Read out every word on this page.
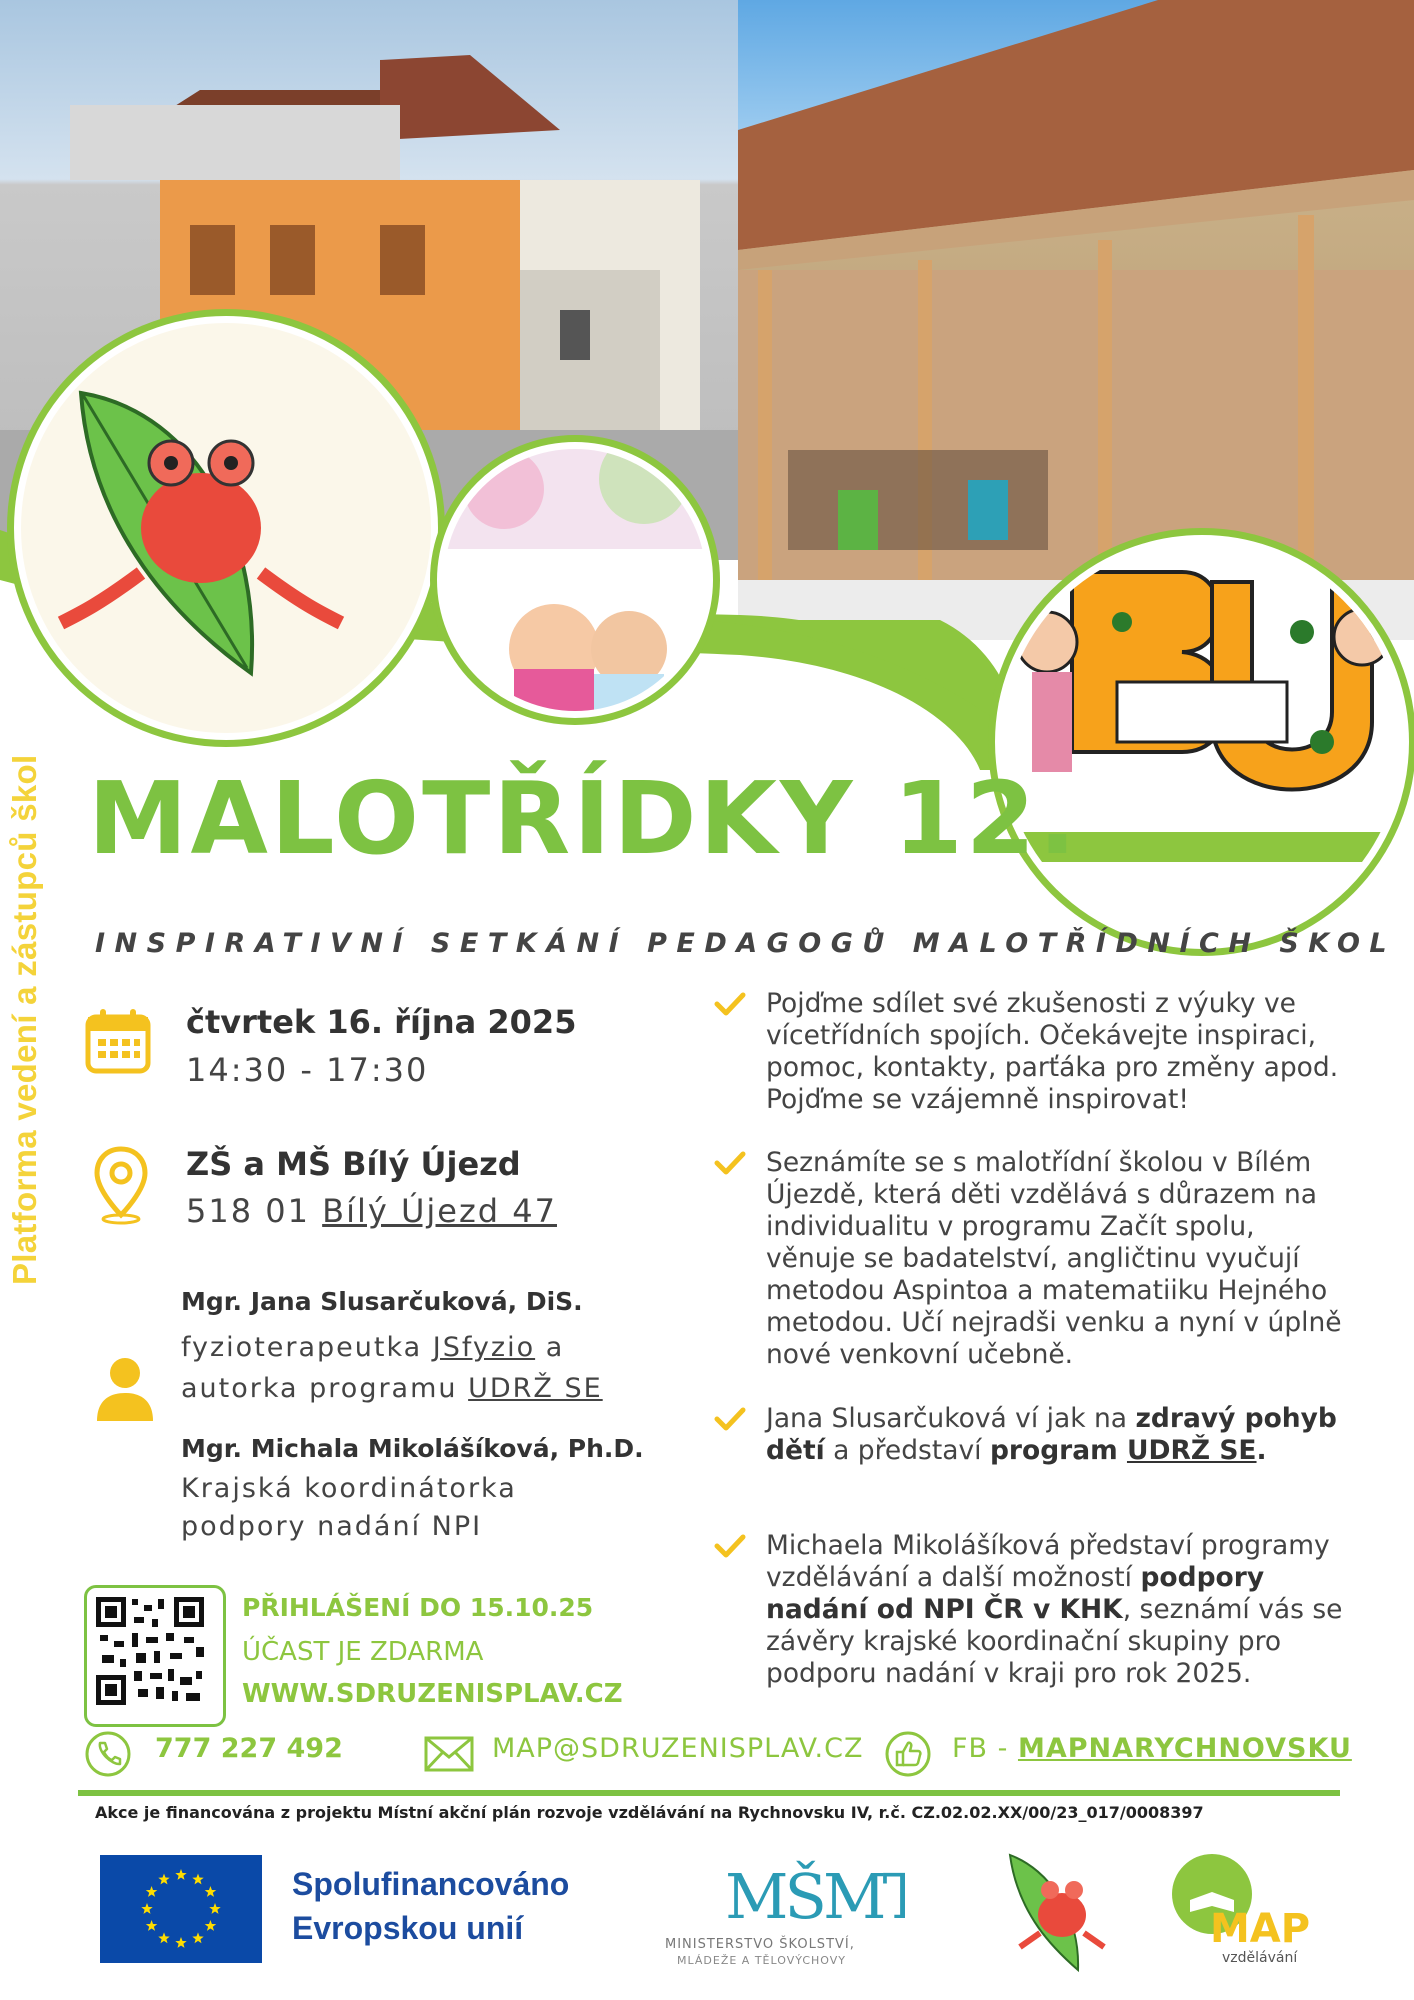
Platforma vedení a zástupců škol MALOTŘÍDKY 12.
INSPIRATIVNÍ SETKÁNÍ PEDAGOGŮ MALOTŘÍDNÍCH ŠKOL
čtvrtek 16. října 2025
14:30 - 17:30
ZŠ a MŠ Bílý Újezd
518 01 Bílý Újezd 47
Mgr. Jana Slusarčuková, DiS.
fyzioterapeutka JSfyzio a
autorka programu UDRŽ SE
Mgr. Michala Mikolášíková, Ph.D.
Krajská koordinátorka
podpory nadání NPI
PŘIHLÁŠENÍ DO 15.10.25
ÚČAST JE ZDARMA
WWW.SDRUZENISPLAV.CZ
Pojďme sdílet své zkušenosti z výuky ve vícetřídních spojích. Očekávejte inspiraci, pomoc, kontakty, parťáka pro změny apod. Pojďme se vzájemně inspirovat!
Seznámíte se s malotřídní školou v Bílém Újezdě, která děti vzdělává s důrazem na individualitu v programu Začít spolu, věnuje se badatelství, angličtinu vyučují metodou Aspintoa a matematiiku Hejného metodou. Učí nejradši venku a nyní v úplně nové venkovní učebně.
Jana Slusarčuková ví jak na zdravý pohyb dětí a představí program UDRŽ SE.
Michaela Mikolášíková představí programy vzdělávání a další možností podpory nadání od NPI ČR v KHK, seznámí vás se závěry krajské koordinační skupiny pro podporu nadání v kraji pro rok 2025.
777 227 492	MAP@SDRUZENISPLAV.CZ	FB - MAPNARYCHNOVSKU
Akce je financována z projektu Místní akční plán rozvoje vzdělávání na Rychnovsku IV, r.č. CZ.02.02.XX/00/23_017/0008397
Spolufinancováno
Evropskou unií	MŠMT
MINISTERSTVO ŠKOLSTVÍ,
MLÁDEŽE A TĚLOVÝCHOVY
MAP
vzdělávání
